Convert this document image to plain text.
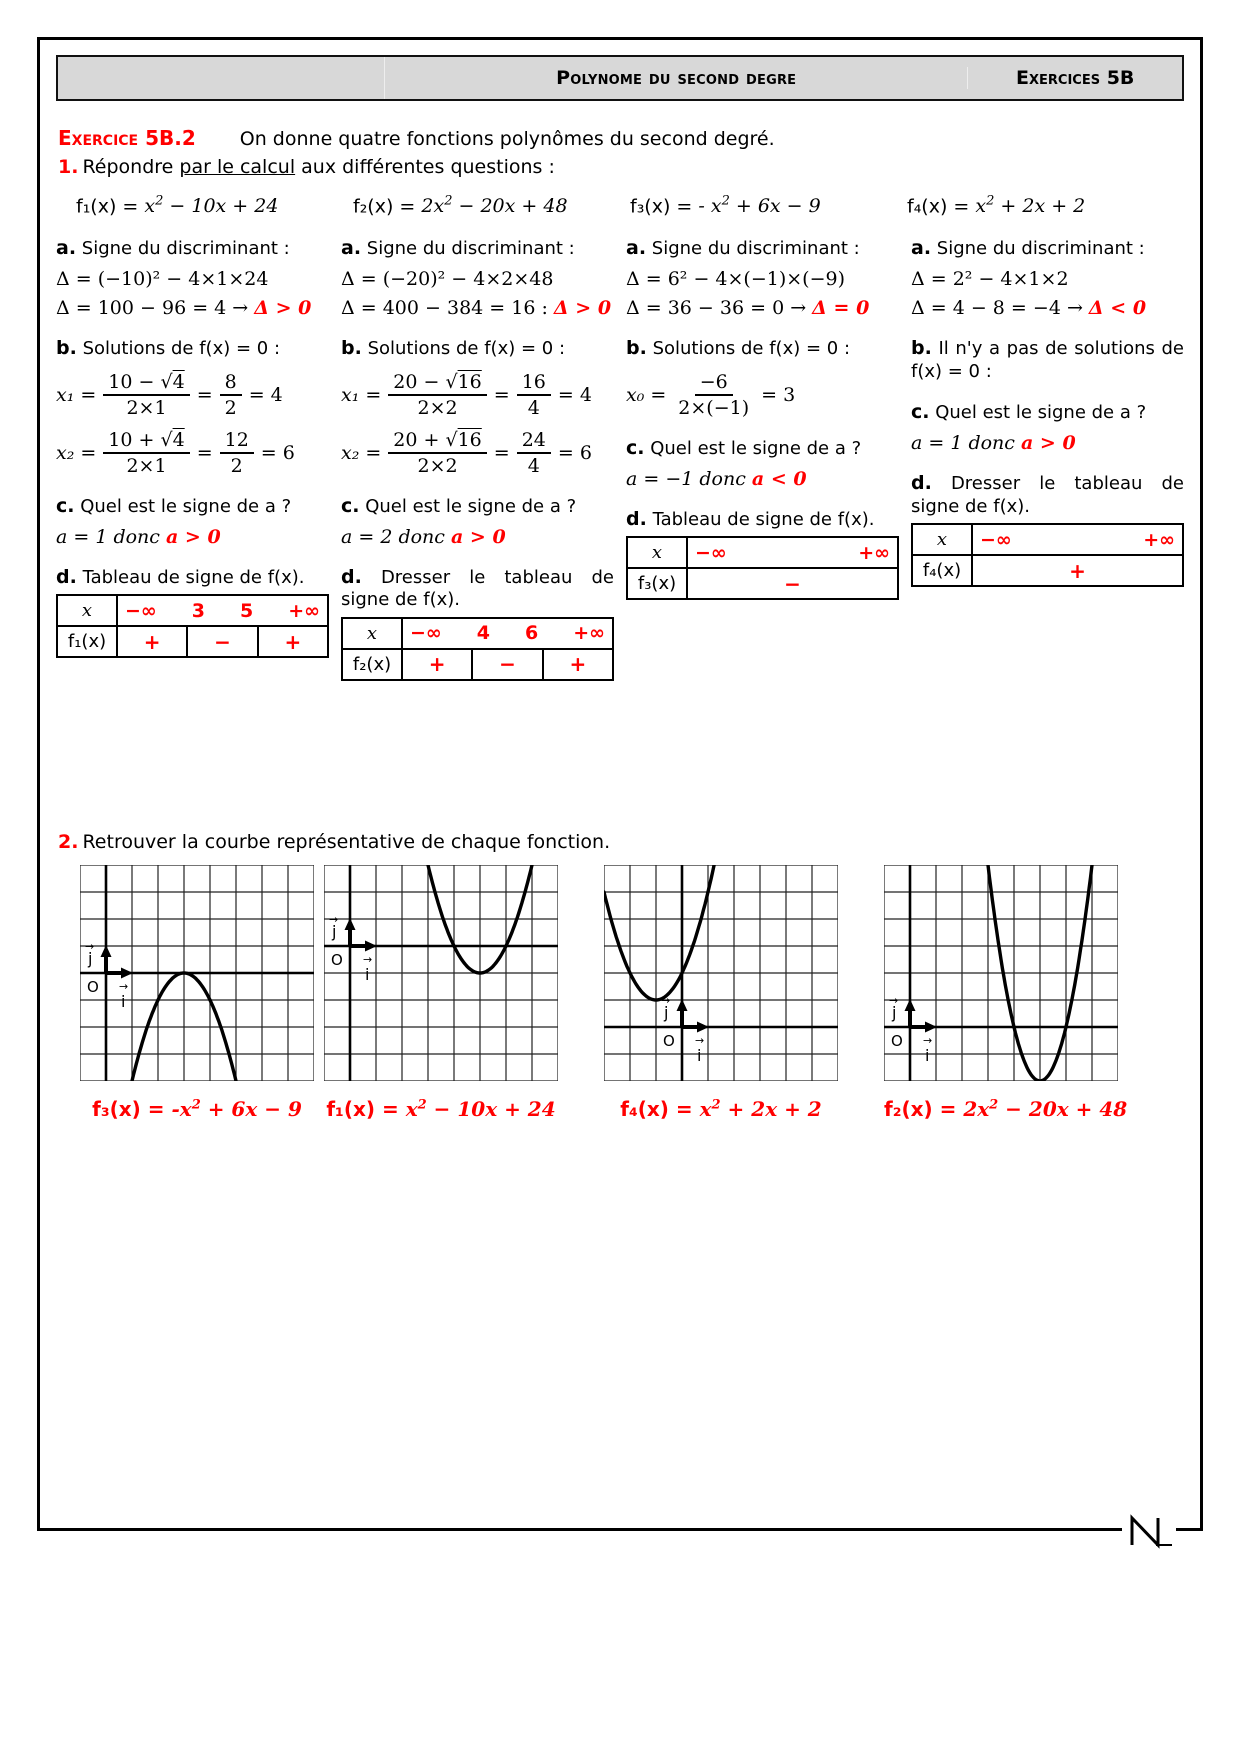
Polynome du second degre	Exercices 5B

Exercice 5B.2 On donne quatre fonctions polynômes du second degré.

1. Répondre par le calcul aux différentes questions :

$f_1(x) = x^2 - 10x + 24$	$f_2(x) = 2x^2 - 20x + 48$	f₃(x) = - $x^2 + 6x - 9$	$f_4(x) = x^2 + 2x + 2$

a. Signe du discriminant :

Δ = (−10)² − 4×1×24

Δ = 100 − 96 = 4 → Δ > 0

b. Solutions de f(x) = 0 :

$x_1 = \frac{10 - √4}{2\times 1} = \frac{8}{2} = 4$
$x_2 = \frac{10 + √4}{2\times 1} = \frac{12}{2} = 6$

c. Quel est le signe de a ?

a = 1 donc a > 0

d. Tableau de signe de f(x).

x	−∞ 3 5 +∞
f₁(x)	+	−	+

a. Signe du discriminant :

Δ = (−20)² − 4×2×48

Δ = 400 − 384 = 16 : Δ > 0

b. Solutions de f(x) = 0 :

$x_1 = \frac{20 - √16}{2\times 2} = \frac{16}{4} = 4$
$x_2 = \frac{20 + √16}{2\times 2} = \frac{24}{4} = 6$

c. Quel est le signe de a ?

a = 2 donc a > 0

d. Dresser le tableau de signe de f(x).

x	−∞ 4 6 +∞
f₂(x)	+	−	+

a. Signe du discriminant :

Δ = 6² − 4×(−1)×(−9)

Δ = 36 − 36 = 0 → Δ = 0

b. Solutions de f(x) = 0 :

$x_0 = \frac{-6}{2\times(-1)} = 3$

c. Quel est le signe de a ?

a = −1 donc a < 0

d. Tableau de signe de f(x).

x	−∞	+∞
f₃(x)	−

a. Signe du discriminant :

Δ = 2² − 4×1×2

Δ = 4 − 8 = −4 → Δ < 0

b. Il n'y a pas de solutions de f(x) = 0 :

c. Quel est le signe de a ?

a = 1 donc a > 0

d. Dresser le tableau de signe de f(x).

x	−∞	+∞
f₄(x)	+

2. Retrouver la courbe représentative de chaque fonction.

j
→
O →
i

$f_3(x) = -x^2 + 6x - 9$

j
→
O →
i

$f_1(x) = x^2 - 10x + 24$

j
→
O →
i

$f_4(x) = x^2 + 2x + 2$

j
→
O →
i

$f_2(x) = 2x^2 - 20x + 48$
